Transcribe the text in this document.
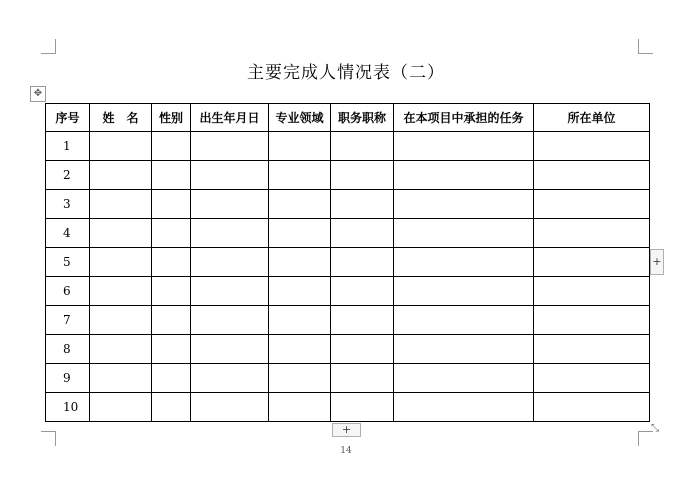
主要完成人情况表（二）
✥
序号	姓　名	性别	出生年月日	专业领域	职务职称	在本项目中承担的任务	所在单位
1							
2							
3							
4							
5							
6							
7							
8							
9							
10							
+
+	⤡
14
